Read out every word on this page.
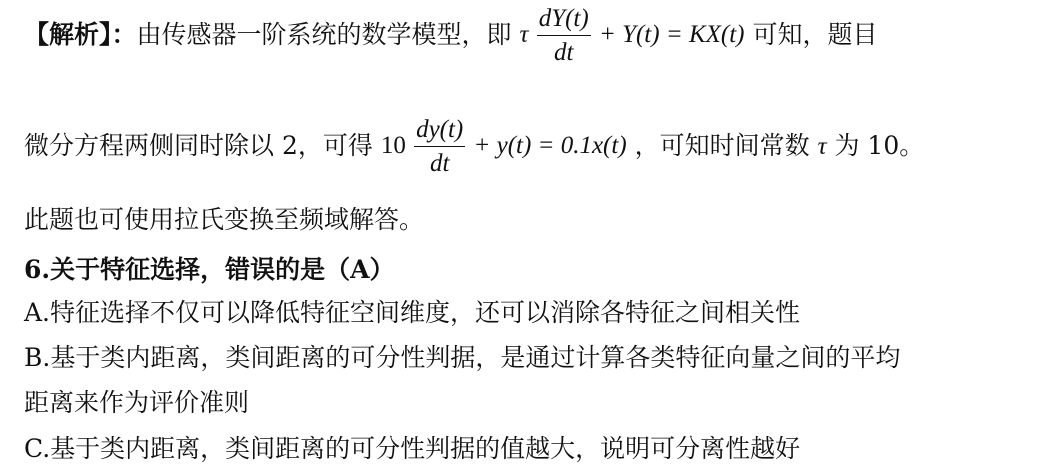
【解析】：由传感器一阶系统的数学模型，即 τ $\frac{dY(t)}{dt} + Y(t) = KX(t)$ 可知，题目
微分方程两侧同时除以 2，可得 $10 \frac{dy(t)}{dt} + y(t) = 0.1x(t)$ ，可知时间常数 τ 为 10。
此题也可使用拉氏变换至频域解答。
6.关于特征选择，错误的是（A）
A.特征选择不仅可以降低特征空间维度，还可以消除各特征之间相关性
B.基于类内距离，类间距离的可分性判据，是通过计算各类特征向量之间的平均
距离来作为评价准则
C.基于类内距离，类间距离的可分性判据的值越大，说明可分离性越好
